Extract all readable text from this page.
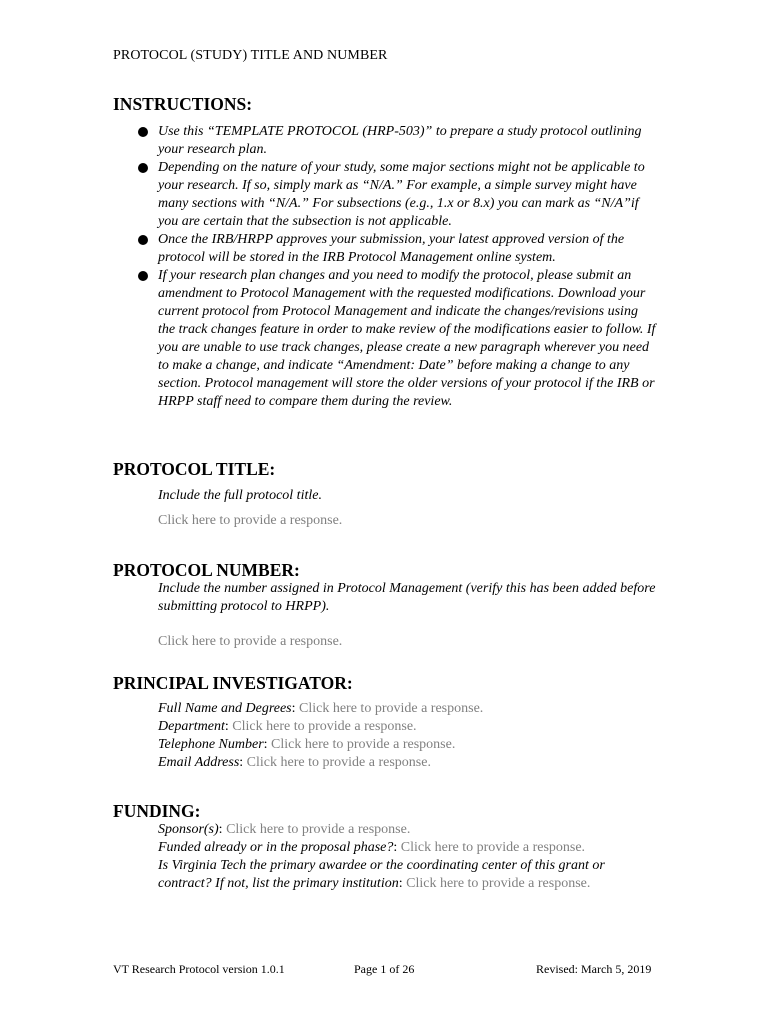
PROTOCOL (STUDY) TITLE AND NUMBER
INSTRUCTIONS:
Use this “TEMPLATE PROTOCOL (HRP-503)” to prepare a study protocol outlining your research plan.
Depending on the nature of your study, some major sections might not be applicable to your research. If so, simply mark as “N/A.” For example, a simple survey might have many sections with “N/A.” For subsections (e.g., 1.x or 8.x) you can mark as “N/A”if you are certain that the subsection is not applicable.
Once the IRB/HRPP approves your submission, your latest approved version of the protocol will be stored in the IRB Protocol Management online system.
If your research plan changes and you need to modify the protocol, please submit an amendment to Protocol Management with the requested modifications. Download your current protocol from Protocol Management and indicate the changes/revisions using the track changes feature in order to make review of the modifications easier to follow. If you are unable to use track changes, please create a new paragraph wherever you need to make a change, and indicate “Amendment: Date” before making a change to any section. Protocol management will store the older versions of your protocol if the IRB or HRPP staff need to compare them during the review.
PROTOCOL TITLE:
Include the full protocol title.
Click here to provide a response.
PROTOCOL NUMBER:
Include the number assigned in Protocol Management (verify this has been added before submitting protocol to HRPP).
Click here to provide a response.
PRINCIPAL INVESTIGATOR:
Full Name and Degrees: Click here to provide a response.
Department: Click here to provide a response.
Telephone Number: Click here to provide a response.
Email Address: Click here to provide a response.
FUNDING:
Sponsor(s): Click here to provide a response.
Funded already or in the proposal phase?: Click here to provide a response.
Is Virginia Tech the primary awardee or the coordinating center of this grant or contract? If not, list the primary institution: Click here to provide a response.
VT Research Protocol version 1.0.1	Page 1 of 26	Revised: March 5, 2019
